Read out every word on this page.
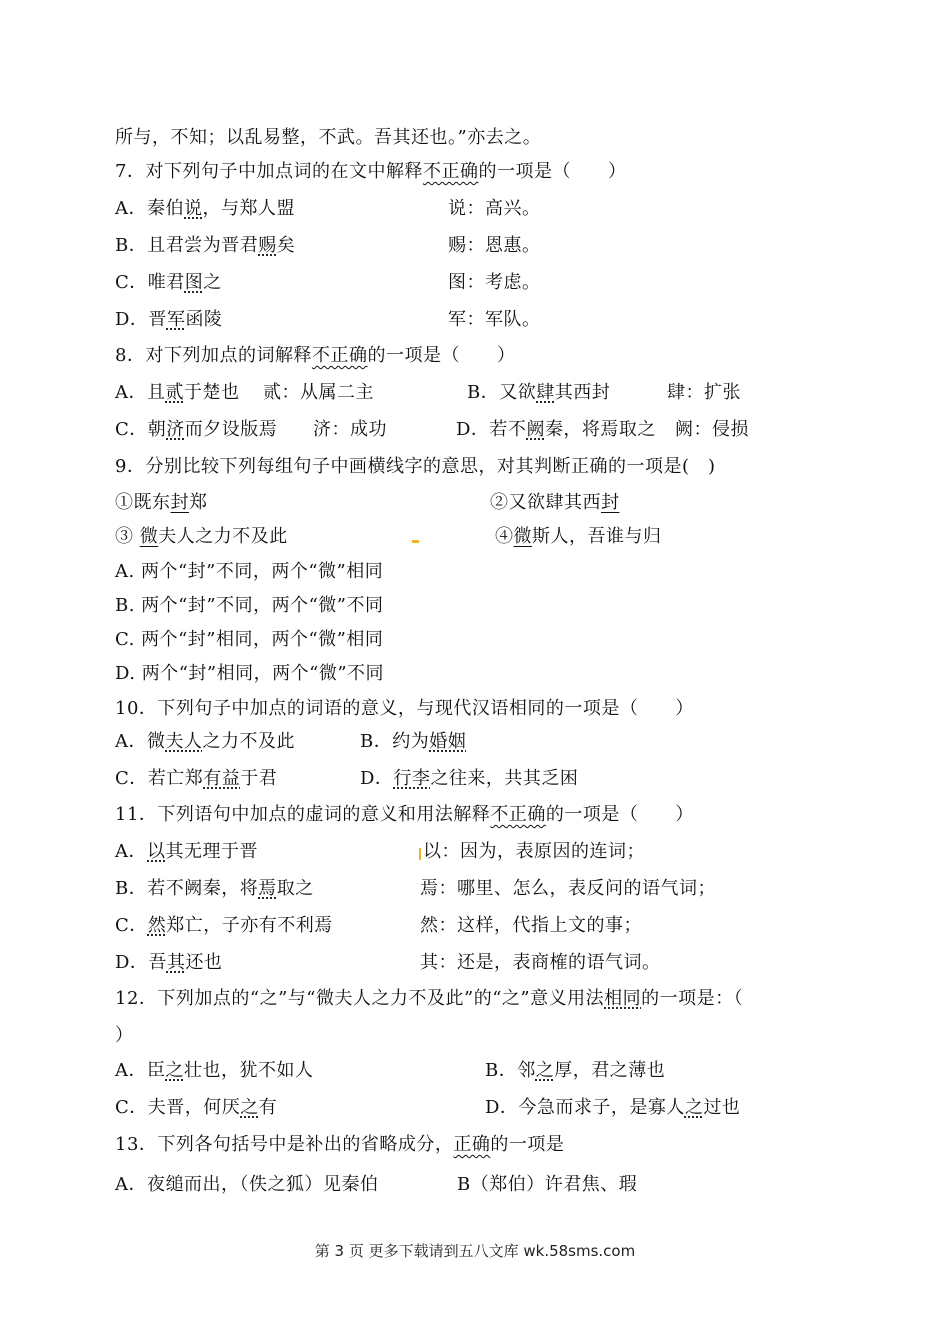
所与，不知；以乱易整，不武。吾其还也。”亦去之。
7．对下列句子中加点词的在文中解释不正确的一项是（　　）
A．秦伯说，与郑人盟	说：高兴。
B．且君尝为晋君赐矣	赐：恩惠。
C．唯君图之	图：考虑。
D．晋军函陵	军：军队。
8．对下列加点的词解释不正确的一项是（　　）
A．且贰于楚也 贰：从属二主	B．又欲肆其西封	肆：扩张
C．朝济而夕设版焉 济：成功	D．若不阙秦，将焉取之 阙：侵损
9．分别比较下列每组句子中画横线字的意思，对其判断正确的一项是(　)
①既东封郑	②又欲肆其西封
③ 微夫人之力不及此	④微斯人，吾谁与归
A. 两个“封”不同，两个“微”相同
B. 两个“封”不同，两个“微”不同
C. 两个“封”相同，两个“微”相同
D. 两个“封”相同，两个“微”不同
10．下列句子中加点的词语的意义，与现代汉语相同的一项是（　　）
A．微夫人之力不及此	B．约为婚姻
C．若亡郑有益于君	D．行李之往来，共其乏困
11．下列语句中加点的虚词的意义和用法解释不正确的一项是（　　）
A．以其无理于晋	以：因为，表原因的连词；
B．若不阙秦，将焉取之	焉：哪里、怎么，表反问的语气词；
C．然郑亡，子亦有不利焉	然：这样，代指上文的事；
D．吾其还也	其：还是，表商榷的语气词。
12．下列加点的“之”与“微夫人之力不及此”的“之”意义用法相同的一项是：（
）
A．臣之壮也，犹不如人	B．邻之厚，君之薄也
C．夫晋，何厌之有	D．今急而求子，是寡人之过也
13．下列各句括号中是补出的省略成分，正确的一项是
A．夜缒而出，（佚之狐）见秦伯	B（郑伯）许君焦、瑕
第 3 页 更多下载请到五八文库 wk.58sms.com
